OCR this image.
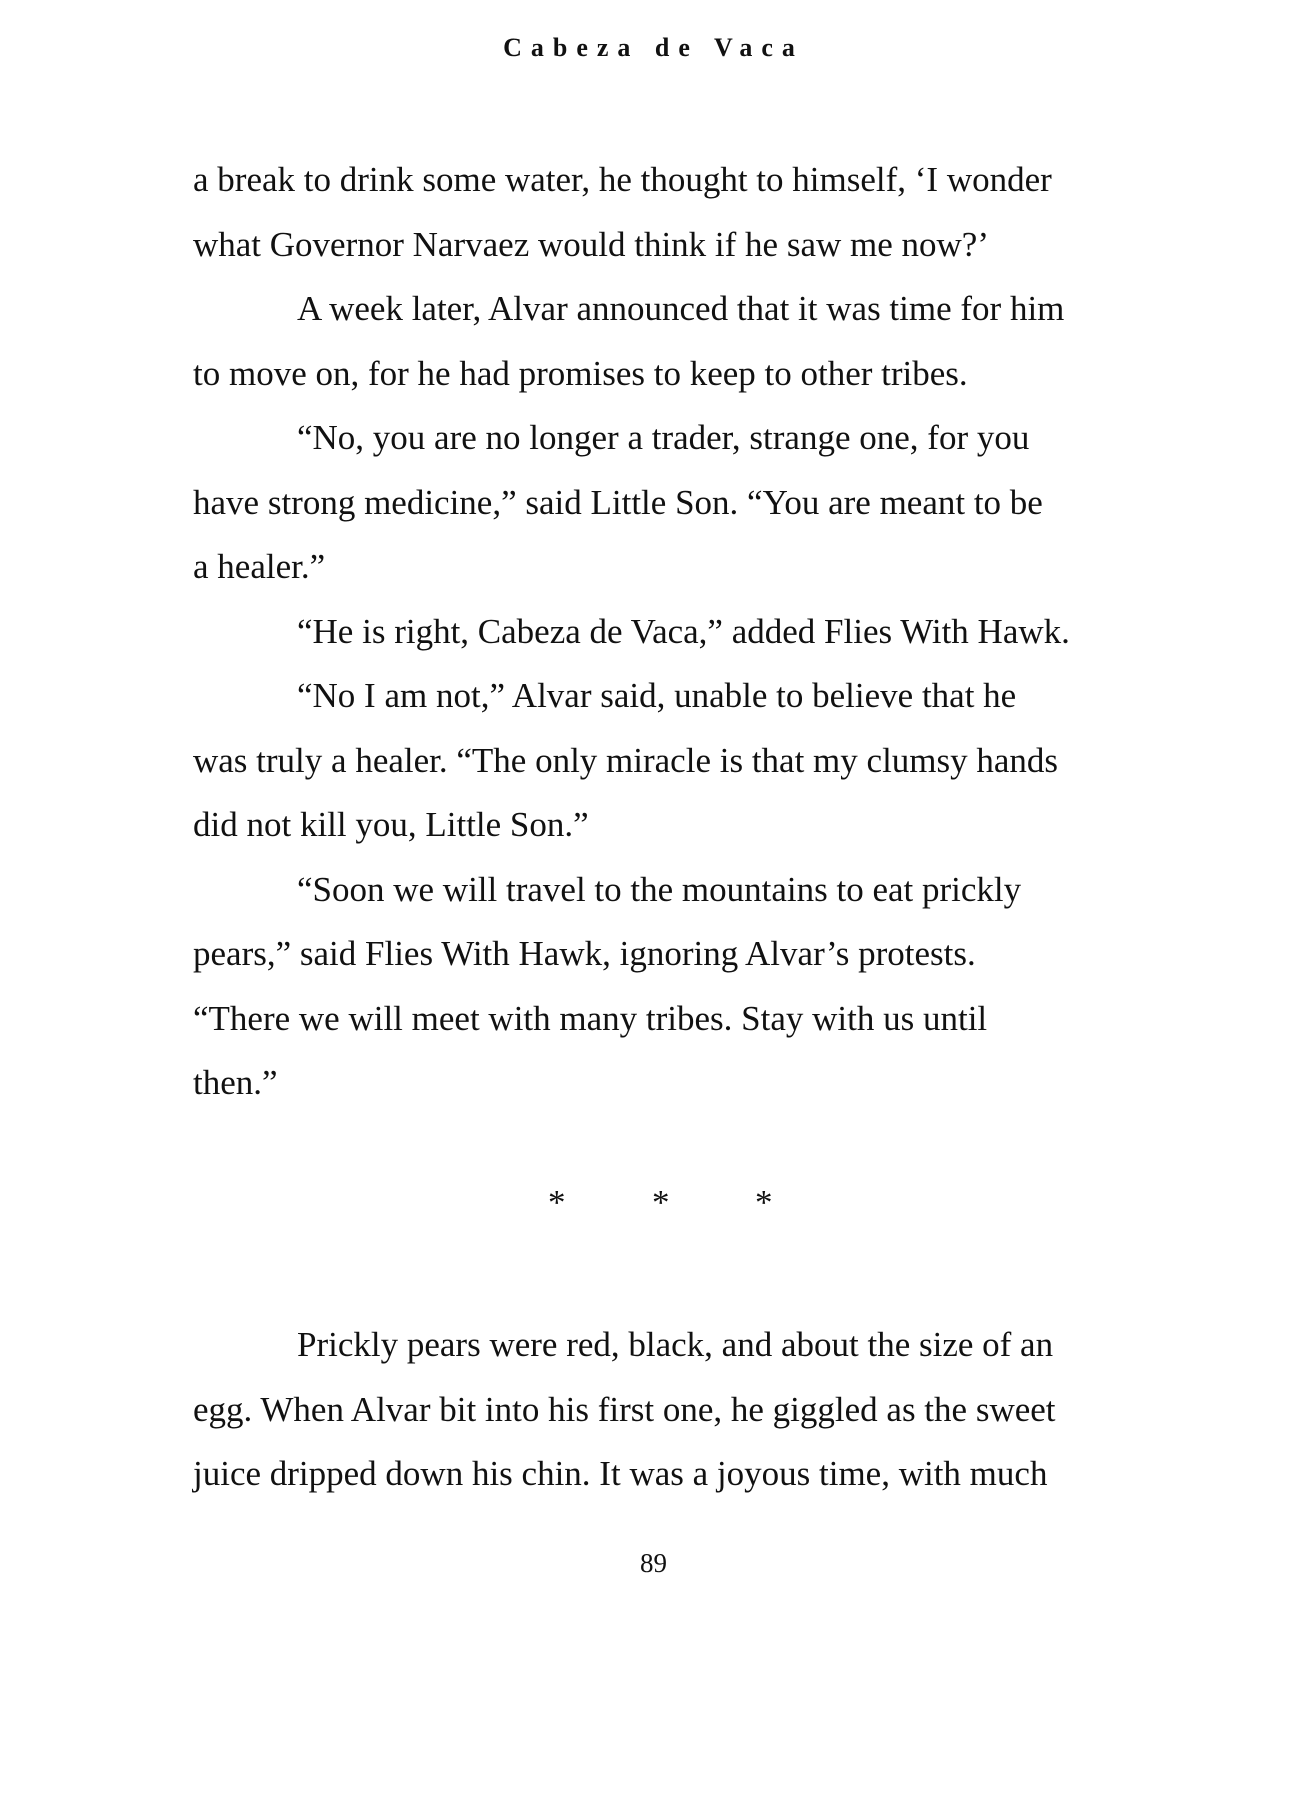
Cabeza de Vaca
a break to drink some water, he thought to himself, ‘I wonder
what Governor Narvaez would think if he saw me now?’
A week later, Alvar announced that it was time for him
to move on, for he had promises to keep to other tribes.
“No, you are no longer a trader, strange one, for you
have strong medicine,” said Little Son. “You are meant to be
a healer.”
“He is right, Cabeza de Vaca,” added Flies With Hawk.
“No I am not,” Alvar said, unable to believe that he
was truly a healer. “The only miracle is that my clumsy hands
did not kill you, Little Son.”
“Soon we will travel to the mountains to eat prickly
pears,” said Flies With Hawk, ignoring Alvar’s protests.
“There we will meet with many tribes. Stay with us until
then.”
* * *
Prickly pears were red, black, and about the size of an
egg. When Alvar bit into his first one, he giggled as the sweet
juice dripped down his chin. It was a joyous time, with much
89
